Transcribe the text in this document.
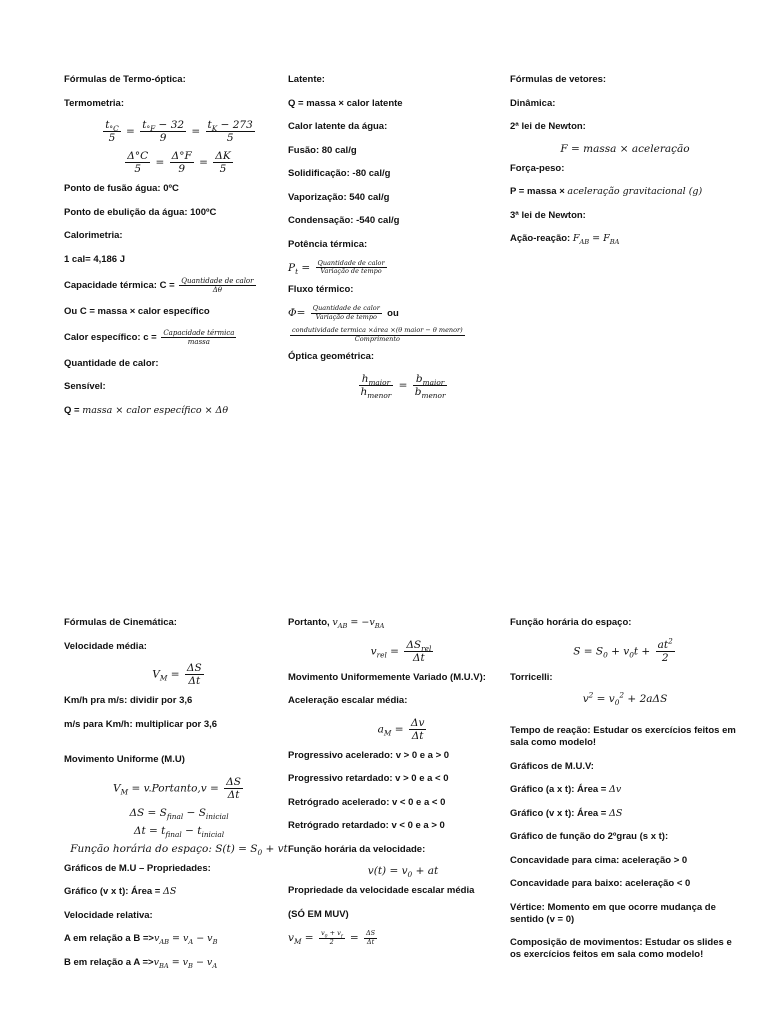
Fórmulas de Termo-óptica:
Termometria:
$\frac{t_{^\circ C}}{5} = \frac{t_{^\circ F} - 32}{9} = \frac{t_K - 273}{5}$
$\frac{\Delta^\circ C}{5} = \frac{\Delta^\circ F}{9} = \frac{\Delta K}{5}$
Ponto de fusão água: 0ºC
Ponto de ebulição da água: 100ºC
Calorimetria:
1 cal= 4,186 J
Capacidade térmica: $C = \frac{\text{Quantidade de calor}}{\Delta\theta}$
Ou C = massa × calor específico
Calor específico: $c = \frac{\text{Capacidade térmica}}{\text{massa}}$
Quantidade de calor:
Sensível:
Q = massa × calor específico × Δθ
Latente:
Q = massa × calor latente
Calor latente da água:
Fusão: 80 cal/g
Solidificação: -80 cal/g
Vaporização: 540 cal/g
Condensação: -540 cal/g
Potência térmica:
$P_t = \frac{\text{Quantidade de calor}}{\text{Variação de tempo}}$
Fluxo térmico:
$\Phi= \frac{\text{Quantidade de calor}}{\text{Variação de tempo}}$ ou
$\frac{\text{condutividade termica ×área ×(θ maior − θ menor)}}{\text{Comprimento}}$
Óptica geométrica:
$\frac{h_{maior}}{h_{menor}} = \frac{b_{maior}}{b_{menor}}$
Fórmulas de vetores:
Dinâmica:
2ª lei de Newton:
F = massa × aceleração
Força-peso:
P = massa × aceleração gravitacional (g)
3ª lei de Newton:
Ação-reação: $F_{AB} = F_{BA}$
Fórmulas de Cinemática:
Velocidade média:
$V_M = \frac{\Delta S}{\Delta t}$
Km/h pra m/s: dividir por 3,6
m/s para Km/h: multiplicar por 3,6
Movimento Uniforme (M.U)
$V_M$ = v.Portanto,v = $\frac{\Delta S}{\Delta t}$
$\Delta S = S_{final} - S_{inicial}$
$\Delta t = t_{final} - t_{inicial}$
Função horária do espaço: $S(t) = S_0$ + vt
Gráficos de M.U – Propriedades:
Gráfico (v x t): Área = ΔS
Velocidade relativa:
A em relação a $B =>v_{AB} = v_A - v_B$
B em relação a $A =>v_{BA} = v_B - v_A$
Portanto, $v_{AB} = -v_{BA}$
$v_{rel} = \frac{\Delta S_{rel}}{\Delta t}$
Movimento Uniformemente Variado (M.U.V):
Aceleração escalar média:
$a_M = \frac{\Delta v}{\Delta t}$
Progressivo acelerado: v > 0 e a > 0
Progressivo retardado: v > 0 e a < 0
Retrógrado acelerado: v < 0 e a < 0
Retrógrado retardado: v < 0 e a > 0
Função horária da velocidade:
$v(t) = v_0$ + at
Propriedade da velocidade escalar média
(SÓ EM MUV)
$v_M = \frac{v_0 + v_f}{2} = \frac{\Delta S}{\Delta t}$
Função horária do espaço:
$S = S_0 + v_0t + \frac{at^2}{2}$
Torricelli:
$v^2 = v_0^2 + 2a\Delta S$
Tempo de reação: Estudar os exercícios feitos em sala como modelo!
Gráficos de M.U.V:
Gráfico (a x t): Área = Δv
Gráfico (v x t): Área = ΔS
Gráfico de função do 2ºgrau (s x t):
Concavidade para cima: aceleração > 0
Concavidade para baixo: aceleração < 0
Vértice: Momento em que ocorre mudança de sentido (v = 0)
Composição de movimentos: Estudar os slides e os exercícios feitos em sala como modelo!
